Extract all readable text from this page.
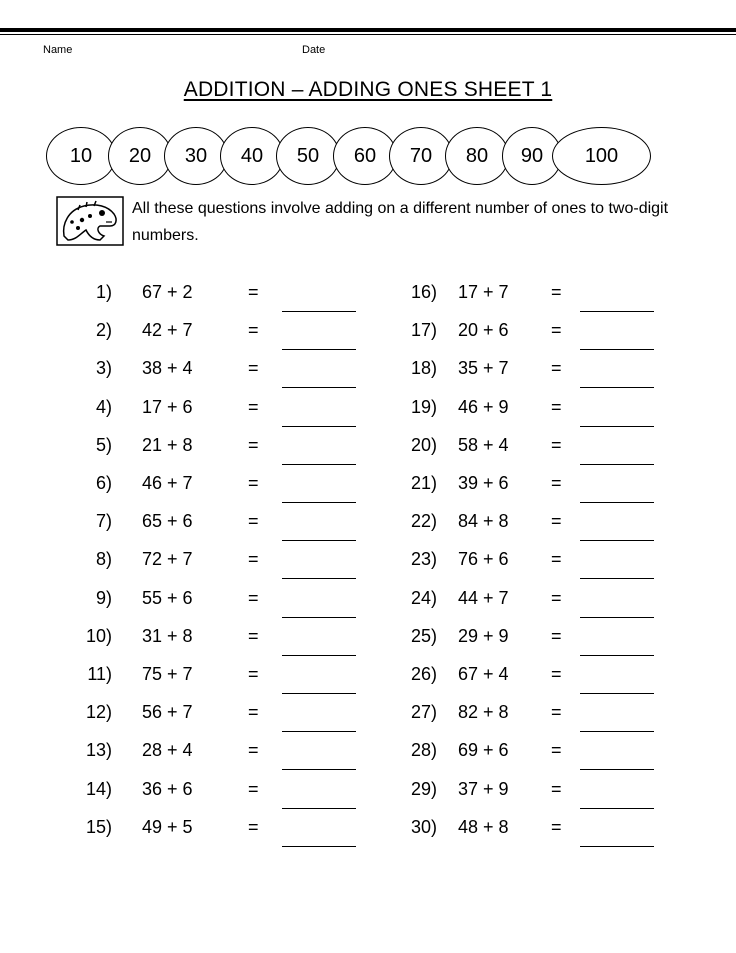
Name	Date
ADDITION – ADDING ONES SHEET 1
10	20	30	40	50	60	70	80	90	100
All these questions involve adding on a different number of ones to two-digit numbers.
1) 67 + 2	=
2) 42 + 7	=
3) 38 + 4	=
4) 17 + 6	=
5) 21 + 8	=
6) 46 + 7	=
7) 65 + 6	=
8) 72 + 7	=
9) 55 + 6	=
10) 31 + 8	=
11) 75 + 7	=
12) 56 + 7	=
13) 28 + 4	=
14) 36 + 6	=
15) 49 + 5	=
16) 17 + 7 =
17) 20 + 6 =
18) 35 + 7 =
19) 46 + 9 =
20) 58 + 4 =
21) 39 + 6 =
22) 84 + 8 =
23) 76 + 6 =
24) 44 + 7 =
25) 29 + 9 =
26) 67 + 4 =
27) 82 + 8 =
28) 69 + 6 =
29) 37 + 9 =
30) 48 + 8 =
